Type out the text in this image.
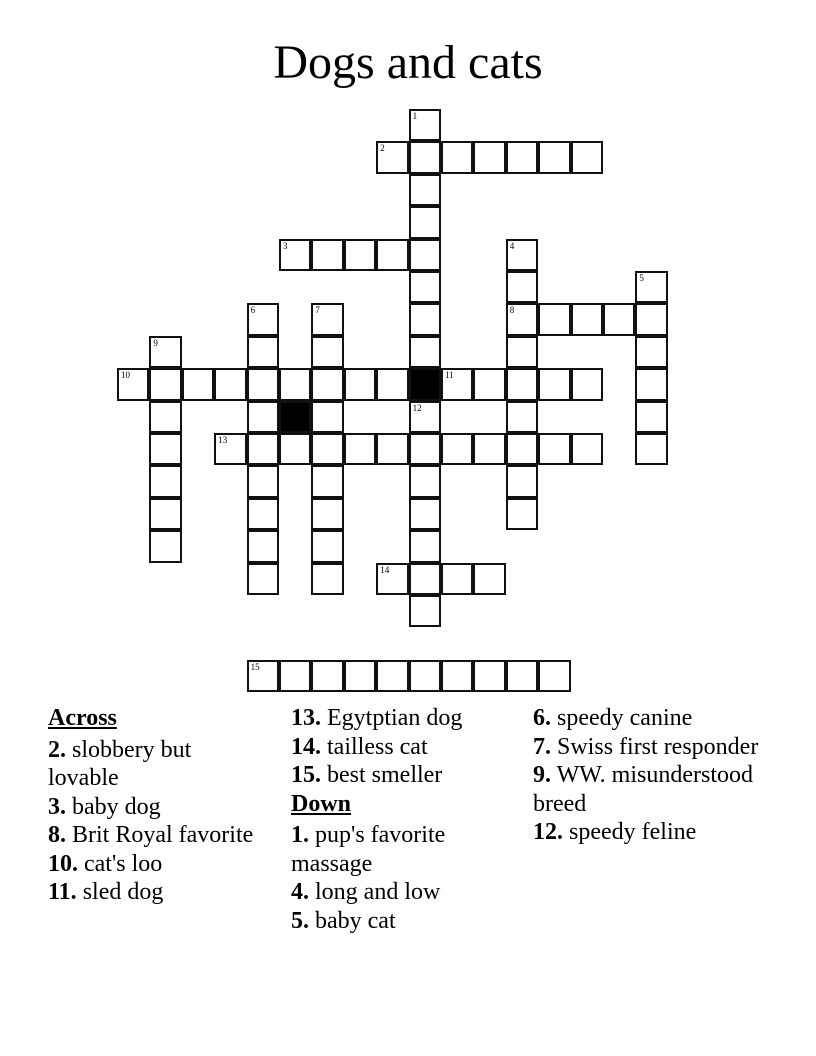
Dogs and cats
1
2
3	4
8
5
6	7
9
10	11
12
13
14
15
Across
2. slobbery but lovable
3. baby dog
8. Brit Royal favorite
10. cat's loo
11. sled dog
13. Egytptian dog
14. tailless cat
15. best smeller
Down
1. pup's favorite massage
4. long and low
5. baby cat
6. speedy canine
7. Swiss first responder
9. WW. misunderstood breed
12. speedy feline
